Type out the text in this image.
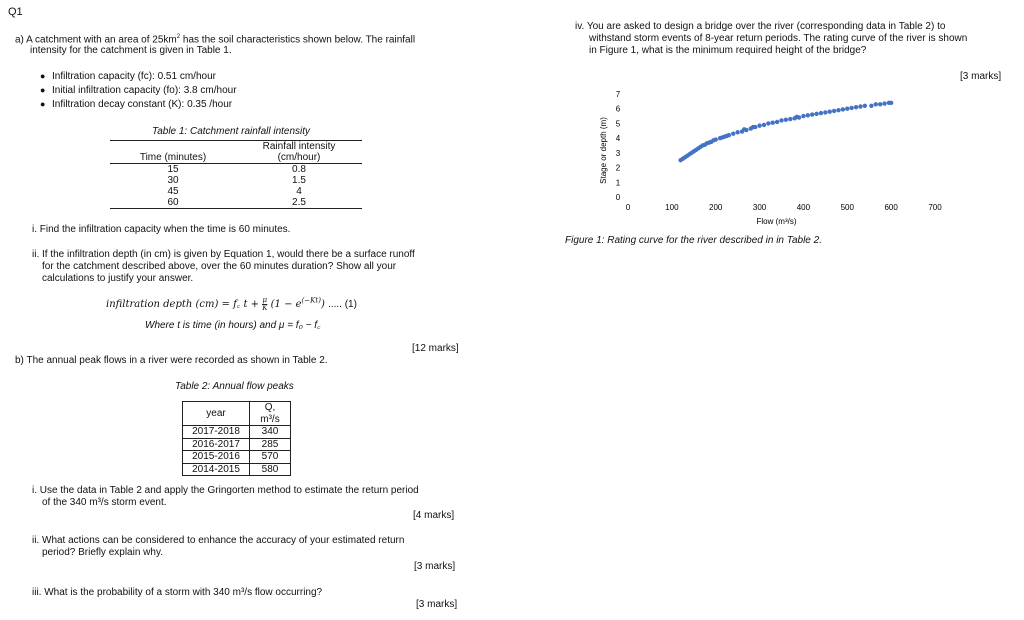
Q1
a) A catchment with an area of $25km^2$ has the soil characteristics shown below. The rainfall
intensity for the catchment is given in Table 1.
● Infiltration capacity (fc): 0.51 cm/hour
● Initial infiltration capacity (fo): 3.8 cm/hour
● Infiltration decay constant (K): 0.35 /hour
Table 1: Catchment rainfall intensity
Time (minutes)	Rainfall intensity
(cm/hour)

15	0.8
30	1.5
45	4
60	2.5
i. Find the infiltration capacity when the time is 60 minutes.
ii. If the infiltration depth (in cm) is given by Equation 1, would there be a surface runoff
for the catchment described above, over the 60 minutes duration? Show all your
calculations to justify your answer.
infiltration depth (cm) = f꜀ $t + \frac{\mu}{K} (1 - e^{(-Kt)})$ ..... (1)
Where t is time (in hours) and μ = f₀ − f꜀
[12 marks]
b) The annual peak flows in a river were recorded as shown in Table 2.
Table 2: Annual flow peaks
year	Q, m³/s
2017-2018	340
2016-2017	285
2015-2016	570
2014-2015	580
i. Use the data in Table 2 and apply the Gringorten method to estimate the return period
of the 340 m³/s storm event.
[4 marks]
ii. What actions can be considered to enhance the accuracy of your estimated return
period? Briefly explain why.
[3 marks]
iii. What is the probability of a storm with 340 m³/s flow occurring?
[3 marks]
iv. You are asked to design a bridge over the river (corresponding data in Table 2) to
withstand storm events of 8-year return periods. The rating curve of the river is shown
in Figure 1, what is the minimum required height of the bridge?
[3 marks]
0	100	200	300	400	500	600	700
0
1
2
3
4
5
6
7
Flow (m³/s)
Stage or depth (m)
Figure 1: Rating curve for the river described in in Table 2.
